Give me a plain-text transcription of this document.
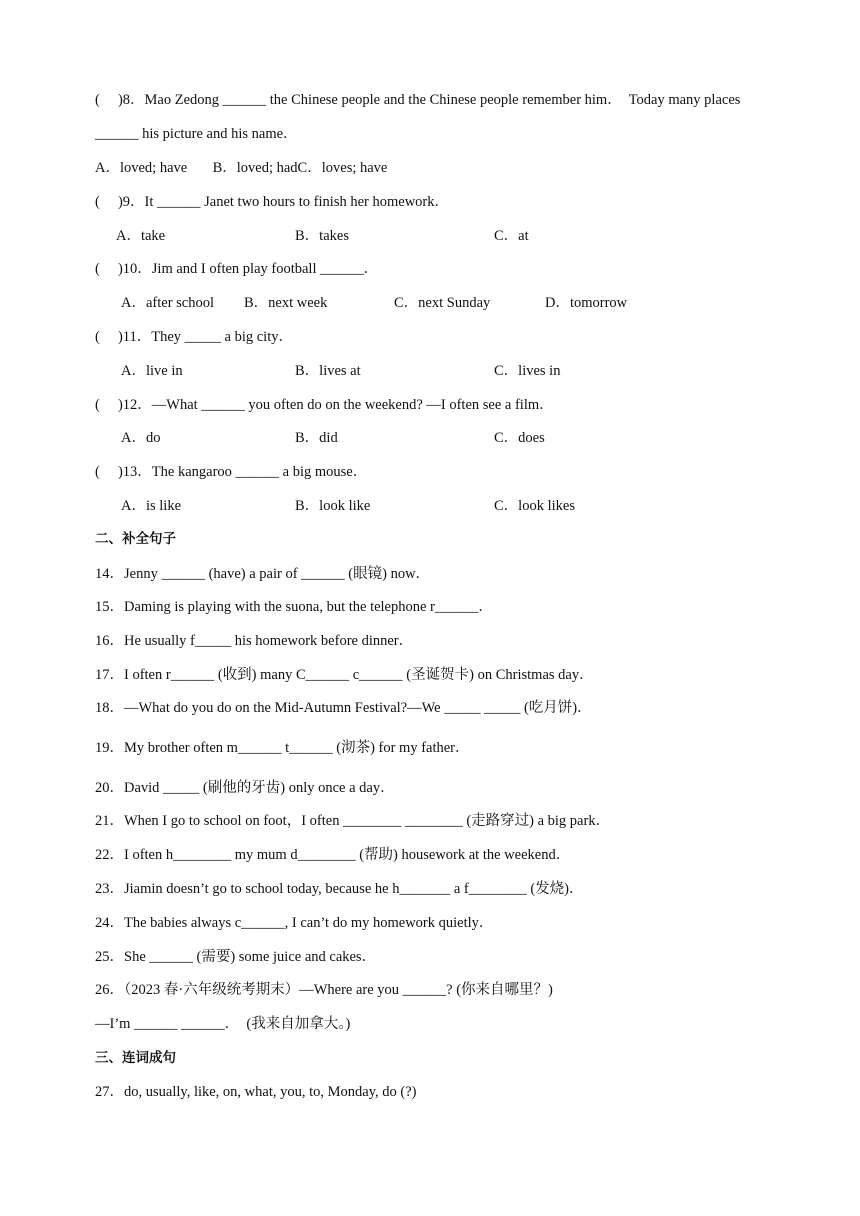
(     )8．Mao Zedong ______ the Chinese people and the Chinese people remember him．  Today many places

______ his picture and his name．

A．loved; have       B．loved; hadC．loves; have

(     )9．It ______ Janet two hours to finish her homework．

A．take	B．takes	C．at

(     )10．Jim and I often play football ______．

A．after school B．next week	C．next Sunday	D．tomorrow

(     )11．They _____ a big city．

A．live in	B．lives at	C．lives in

(     )12．—What ______ you often do on the weekend? —I often see a film．

A．do	B．did	C．does

(     )13．The kangaroo ______ a big mouse．

A．is like	B．look like	C．look likes

二、补全句子

14．Jenny ______ (have) a pair of ______ (眼镜) now．

15．Daming is playing with the suona, but the telephone r______．

16．He usually f_____ his homework before dinner．

17．I often r______ (收到) many C______ c______ (圣诞贺卡) on Christmas day．

18．—What do you do on the Mid-Autumn Festival?—We _____ _____ (吃月饼)．

19．My brother often m______ t______ (沏茶) for my father．

20．David _____ (刷他的牙齿) only once a day．

21．When I go to school on foot，I often ________ ________ (走路穿过) a big park．

22．I often h________ my mum d________ (帮助) housework at the weekend．

23．Jiamin doesn’t go to school today, because he h_______ a f________ (发烧)．

24．The babies always c______, I can’t do my homework quietly．

25．She ______ (需要) some juice and cakes．

26．（2023 春·六年级统考期末）—Where are you ______? (你来自哪里？)

—I’m ______ ______．  (我来自加拿大。)

三、连词成句

27．do, usually, like, on, what, you, to, Monday, do (?)
